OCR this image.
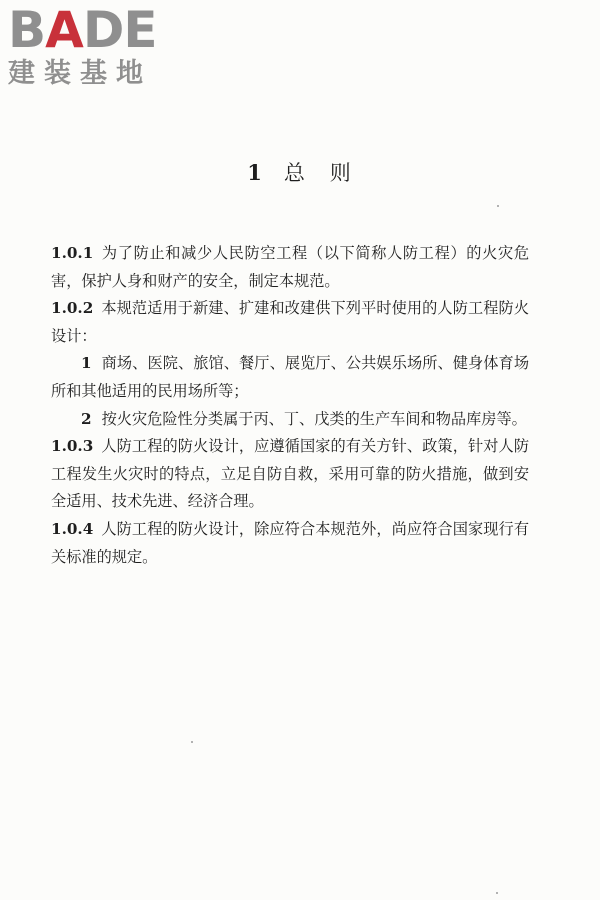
BADE
建装基地
1 总　则

1.0.1 为了防止和减少人民防空工程（以下简称人防工程）的火灾危害，保护人身和财产的安全，制定本规范。

1.0.2 本规范适用于新建、扩建和改建供下列平时使用的人防工程防火设计：

1 商场、医院、旅馆、餐厅、展览厅、公共娱乐场所、健身体育场所和其他适用的民用场所等；

2 按火灾危险性分类属于丙、丁、戊类的生产车间和物品库房等。

1.0.3 人防工程的防火设计，应遵循国家的有关方针、政策，针对人防工程发生火灾时的特点，立足自防自救，采用可靠的防火措施，做到安全适用、技术先进、经济合理。

1.0.4 人防工程的防火设计，除应符合本规范外，尚应符合国家现行有关标准的规定。
